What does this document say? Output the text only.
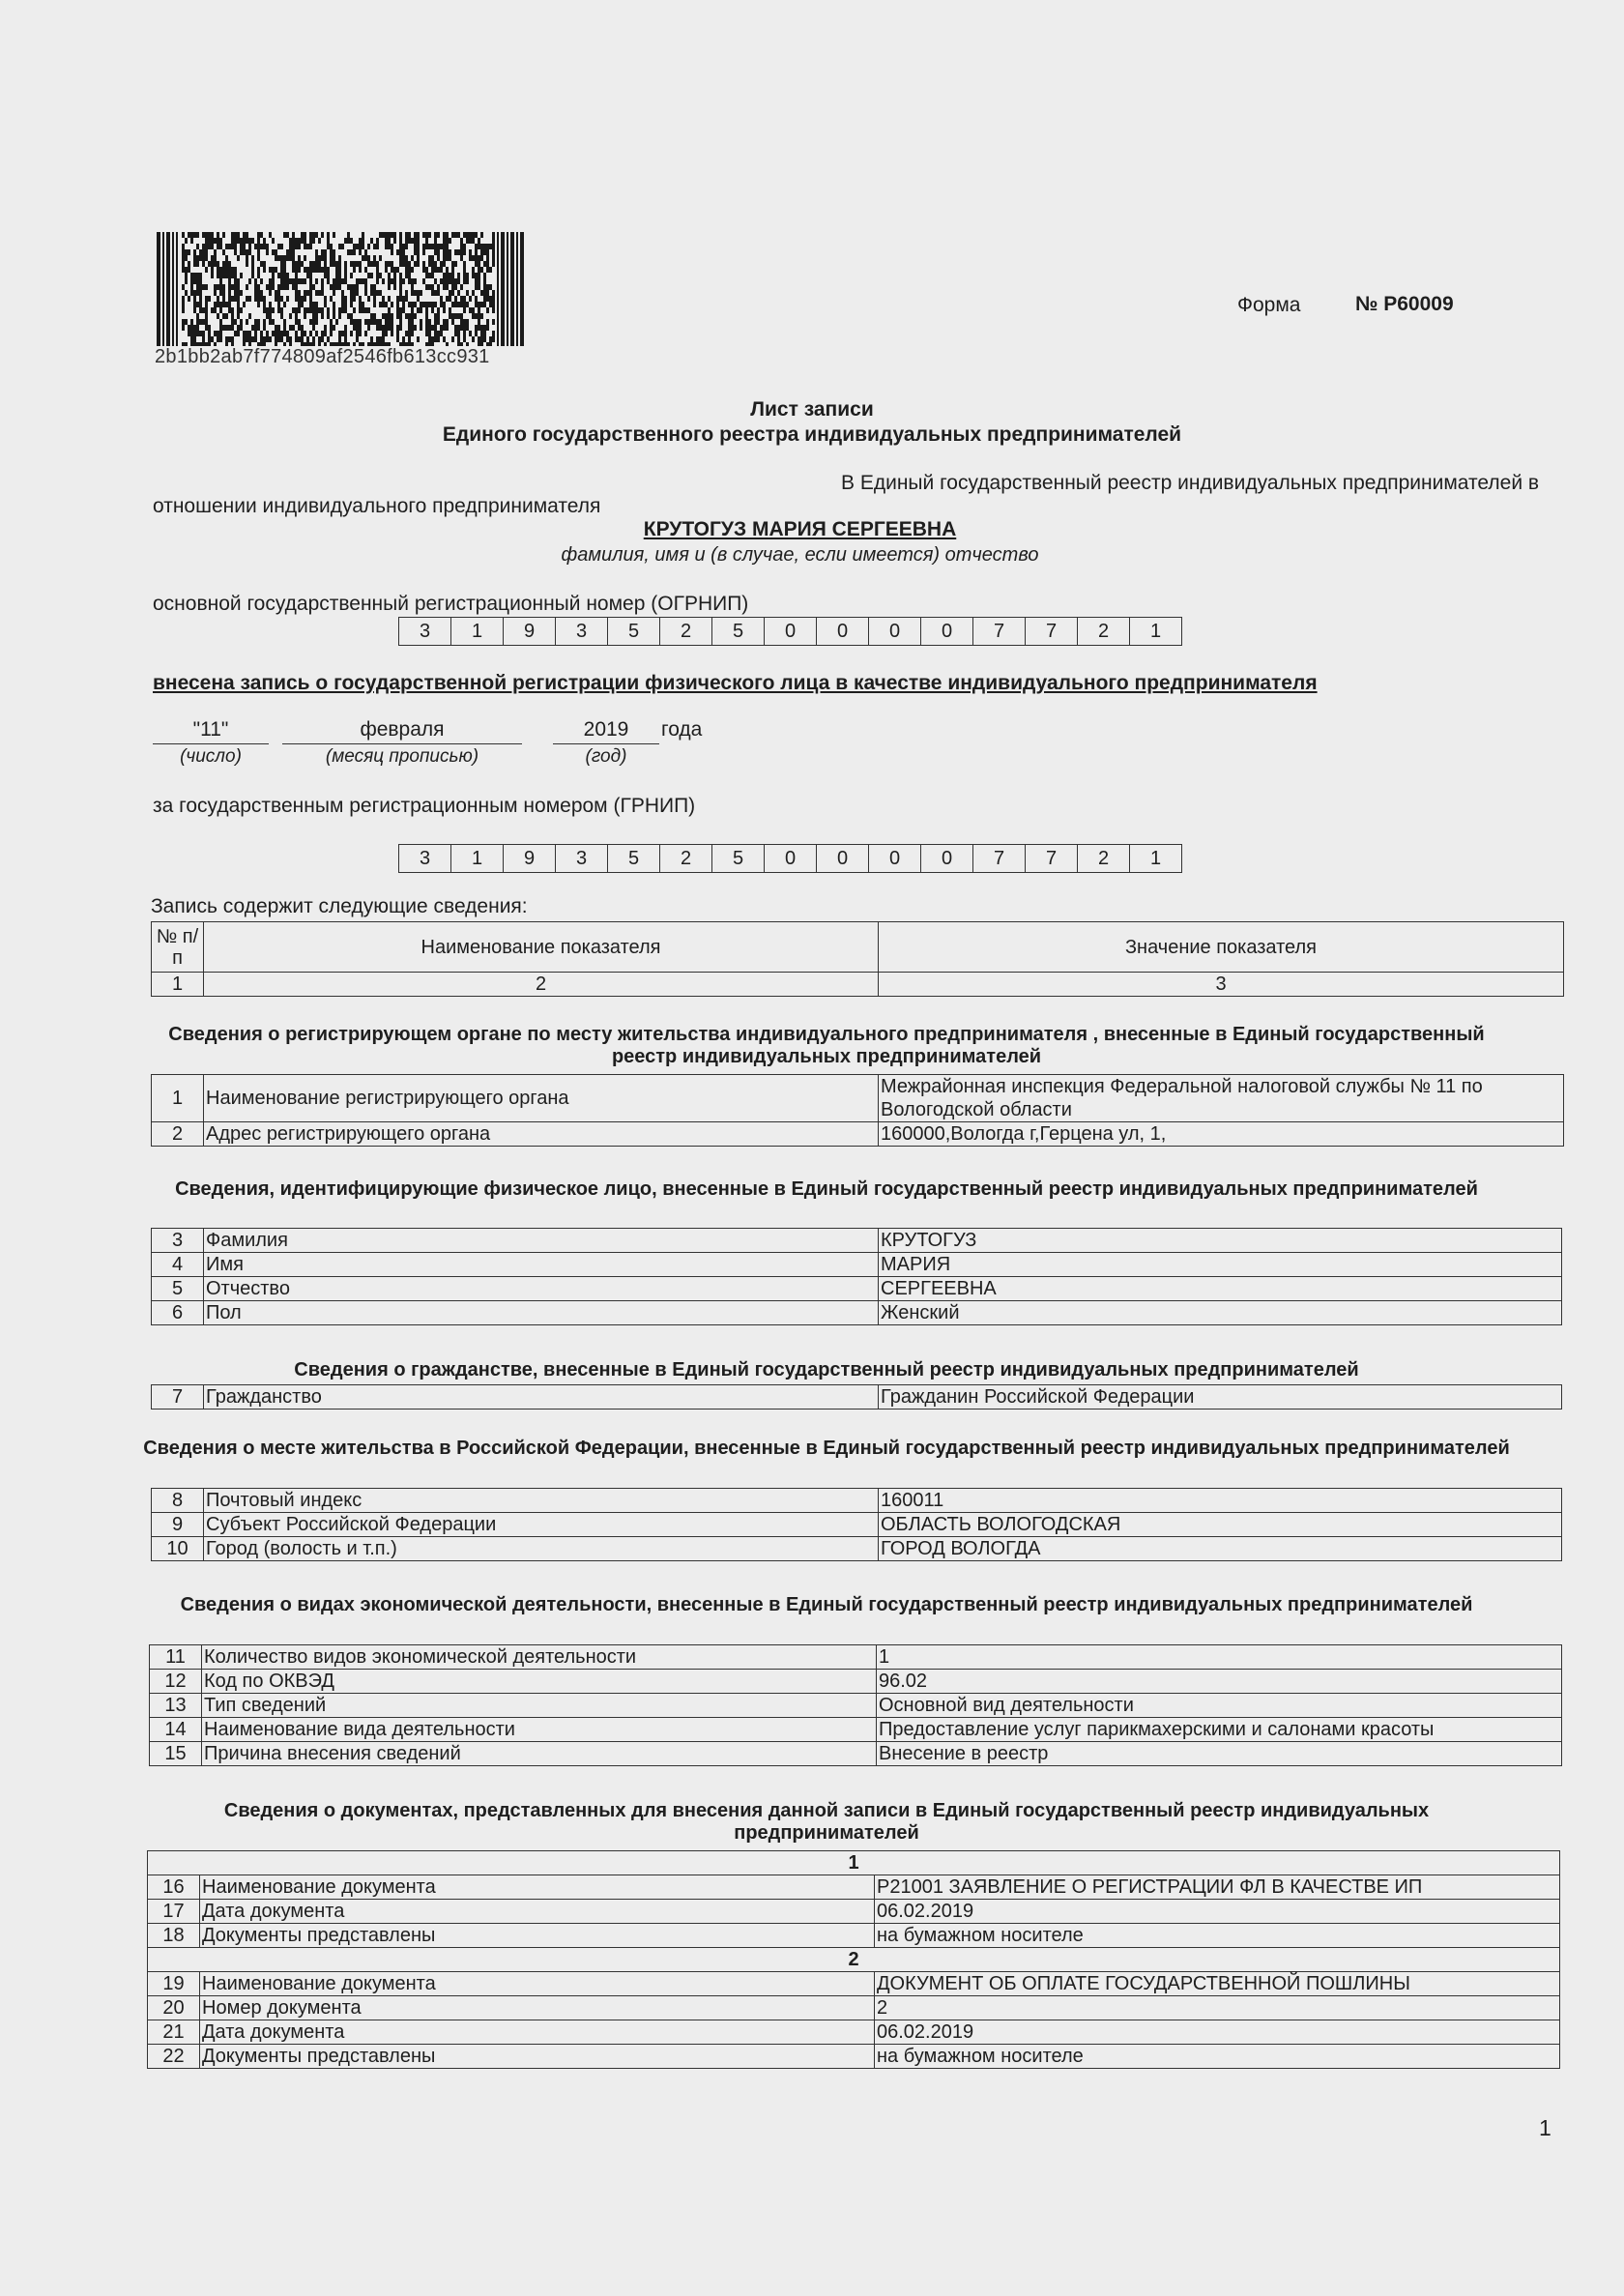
2b1bb2ab7f774809af2546fb613cc931
Форма	№ Р60009
Лист записи
Единого государственного реестра индивидуальных предпринимателей
В Единый государственный реестр индивидуальных предпринимателей в
отношении индивидуального предпринимателя
КРУТОГУЗ МАРИЯ СЕРГЕЕВНА
фамилия, имя и (в случае, если имеется) отчество
основной государственный регистрационный номер (ОГРНИП)
3	1	9	3	5	2	5	0	0	0	0	7	7	2	1
внесена запись о государственной регистрации физического лица в качестве индивидуального предпринимателя
"11"
(число)
февраля
(месяц прописью)
2019
(год)
года
за государственным регистрационным номером (ГРНИП)
3	1	9	3	5	2	5	0	0	0	0	7	7	2	1
Запись содержит следующие сведения:
№ п/п	Наименование показателя	Значение показателя
1	2	3
Сведения о регистрирующем органе по месту жительства индивидуального предпринимателя , внесенные в Единый государственный реестр индивидуальных предпринимателей
1	Наименование регистрирующего органа	Межрайонная инспекция Федеральной налоговой службы № 11 по Вологодской области
2	Адрес регистрирующего органа	160000,Вологда г,Герцена ул, 1,
Сведения, идентифицирующие физическое лицо, внесенные в Единый государственный реестр индивидуальных предпринимателей
3	Фамилия	КРУТОГУЗ
4	Имя	МАРИЯ
5	Отчество	СЕРГЕЕВНА
6	Пол	Женский
Сведения о гражданстве, внесенные в Единый государственный реестр индивидуальных предпринимателей
7	Гражданство	Гражданин Российской Федерации
Сведения о месте жительства в Российской Федерации, внесенные в Единый государственный реестр индивидуальных предпринимателей
8	Почтовый индекс	160011
9	Субъект Российской Федерации	ОБЛАСТЬ ВОЛОГОДСКАЯ
10	Город (волость и т.п.)	ГОРОД ВОЛОГДА
Сведения о видах экономической деятельности, внесенные в Единый государственный реестр индивидуальных предпринимателей
11	Количество видов экономической деятельности	1
12	Код по ОКВЭД	96.02
13	Тип сведений	Основной вид деятельности
14	Наименование вида деятельности	Предоставление услуг парикмахерскими и салонами красоты
15	Причина внесения сведений	Внесение в реестр
Сведения о документах, представленных для внесения данной записи в Единый государственный реестр индивидуальных предпринимателей
1		
16	Наименование документа	Р21001 ЗАЯВЛЕНИЕ О РЕГИСТРАЦИИ ФЛ В КАЧЕСТВЕ ИП
17	Дата документа	06.02.2019
18	Документы представлены	на бумажном носителе
2		
19	Наименование документа	ДОКУМЕНТ ОБ ОПЛАТЕ ГОСУДАРСТВЕННОЙ ПОШЛИНЫ
20	Номер документа	2
21	Дата документа	06.02.2019
22	Документы представлены	на бумажном носителе
1
